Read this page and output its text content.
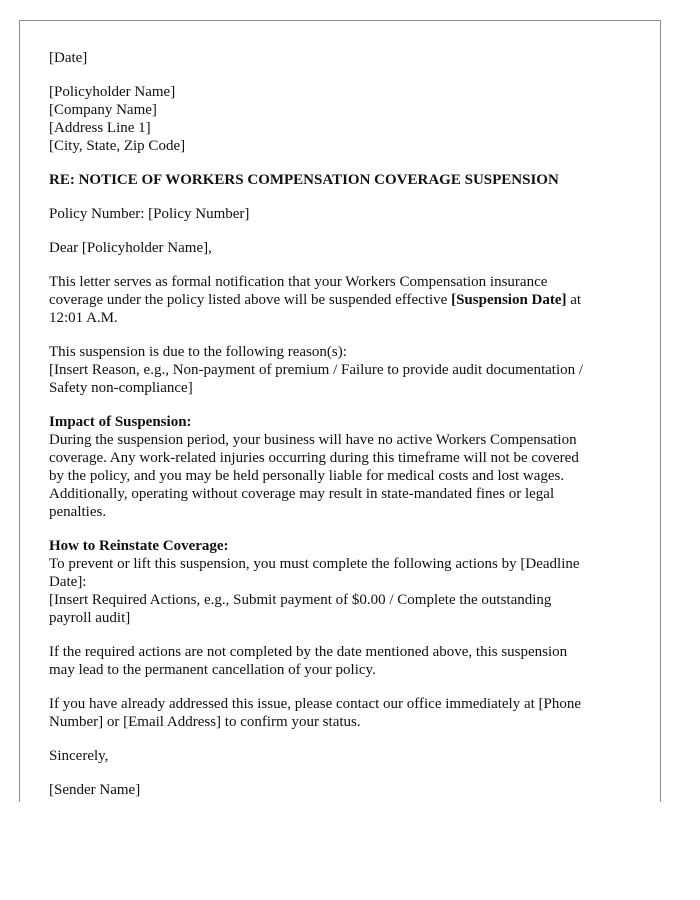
[Date]
[Policyholder Name]
[Company Name]
[Address Line 1]
[City, State, Zip Code]
RE: NOTICE OF WORKERS COMPENSATION COVERAGE SUSPENSION
Policy Number: [Policy Number]
Dear [Policyholder Name],
This letter serves as formal notification that your Workers Compensation insurance
coverage under the policy listed above will be suspended effective [Suspension Date] at
12:01 A.M.
This suspension is due to the following reason(s):
[Insert Reason, e.g., Non-payment of premium / Failure to provide audit documentation /
Safety non-compliance]
Impact of Suspension:
During the suspension period, your business will have no active Workers Compensation
coverage. Any work-related injuries occurring during this timeframe will not be covered
by the policy, and you may be held personally liable for medical costs and lost wages.
Additionally, operating without coverage may result in state-mandated fines or legal
penalties.
How to Reinstate Coverage:
To prevent or lift this suspension, you must complete the following actions by [Deadline
Date]:
[Insert Required Actions, e.g., Submit payment of $0.00 / Complete the outstanding
payroll audit]
If the required actions are not completed by the date mentioned above, this suspension
may lead to the permanent cancellation of your policy.
If you have already addressed this issue, please contact our office immediately at [Phone
Number] or [Email Address] to confirm your status.
Sincerely,
[Sender Name]
